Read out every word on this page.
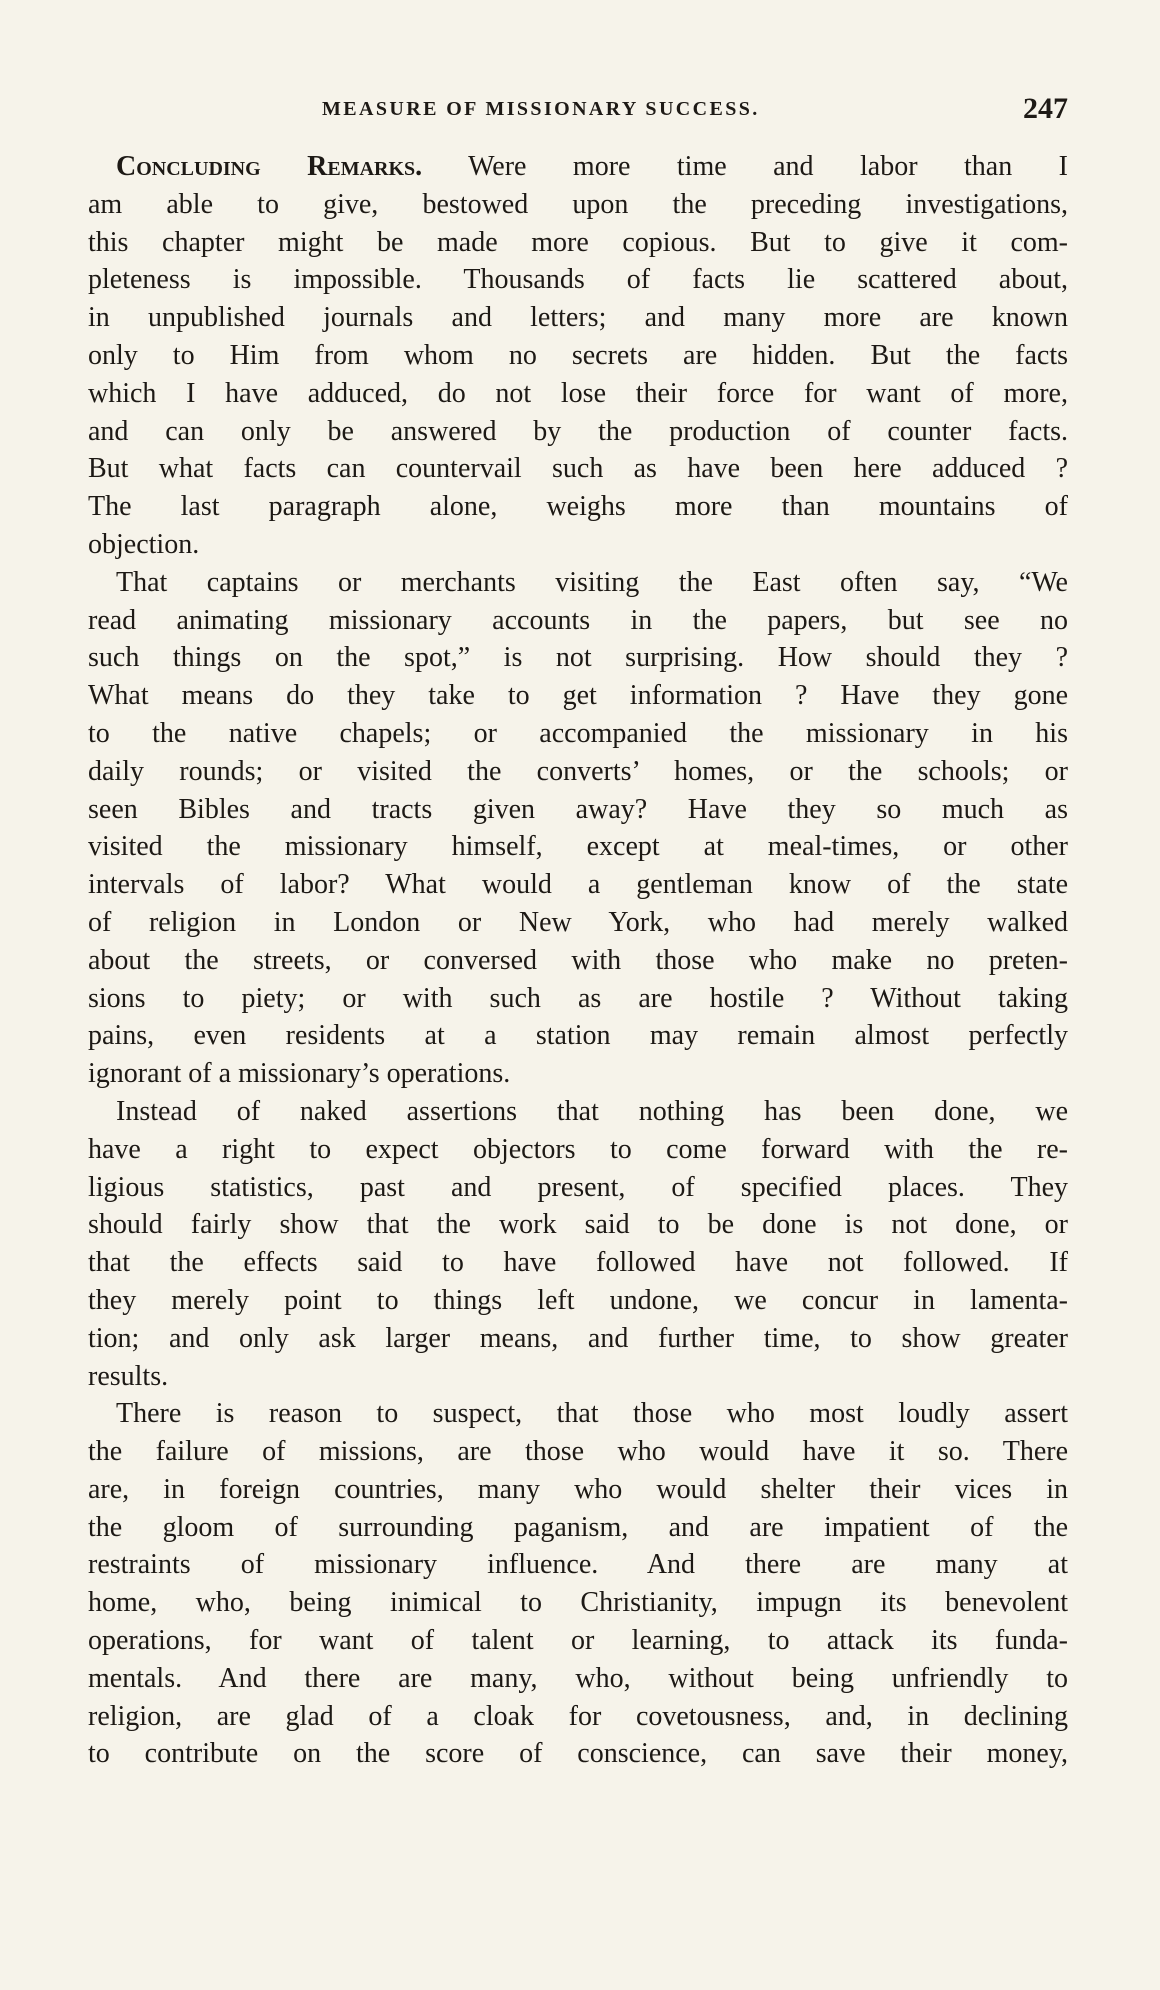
MEASURE OF MISSIONARY SUCCESS.	247
Concluding Remarks. Were more time and labor than I
am able to give, bestowed upon the preceding investigations,
this chapter might be made more copious. But to give it com-
pleteness is impossible. Thousands of facts lie scattered about,
in unpublished journals and letters; and many more are known
only to Him from whom no secrets are hidden. But the facts
which I have adduced, do not lose their force for want of more,
and can only be answered by the production of counter facts.
But what facts can countervail such as have been here adduced ?
The last paragraph alone, weighs more than mountains of
objection.
That captains or merchants visiting the East often say, “We
read animating missionary accounts in the papers, but see no
such things on the spot,” is not surprising. How should they ?
What means do they take to get information ? Have they gone
to the native chapels; or accompanied the missionary in his
daily rounds; or visited the converts’ homes, or the schools; or
seen Bibles and tracts given away? Have they so much as
visited the missionary himself, except at meal-times, or other
intervals of labor? What would a gentleman know of the state
of religion in London or New York, who had merely walked
about the streets, or conversed with those who make no preten-
sions to piety; or with such as are hostile ? Without taking
pains, even residents at a station may remain almost perfectly
ignorant of a missionary’s operations.
Instead of naked assertions that nothing has been done, we
have a right to expect objectors to come forward with the re-
ligious statistics, past and present, of specified places. They
should fairly show that the work said to be done is not done, or
that the effects said to have followed have not followed. If
they merely point to things left undone, we concur in lamenta-
tion; and only ask larger means, and further time, to show greater
results.
There is reason to suspect, that those who most loudly assert
the failure of missions, are those who would have it so. There
are, in foreign countries, many who would shelter their vices in
the gloom of surrounding paganism, and are impatient of the
restraints of missionary influence. And there are many at
home, who, being inimical to Christianity, impugn its benevolent
operations, for want of talent or learning, to attack its funda-
mentals. And there are many, who, without being unfriendly to
religion, are glad of a cloak for covetousness, and, in declining
to contribute on the score of conscience, can save their money,
